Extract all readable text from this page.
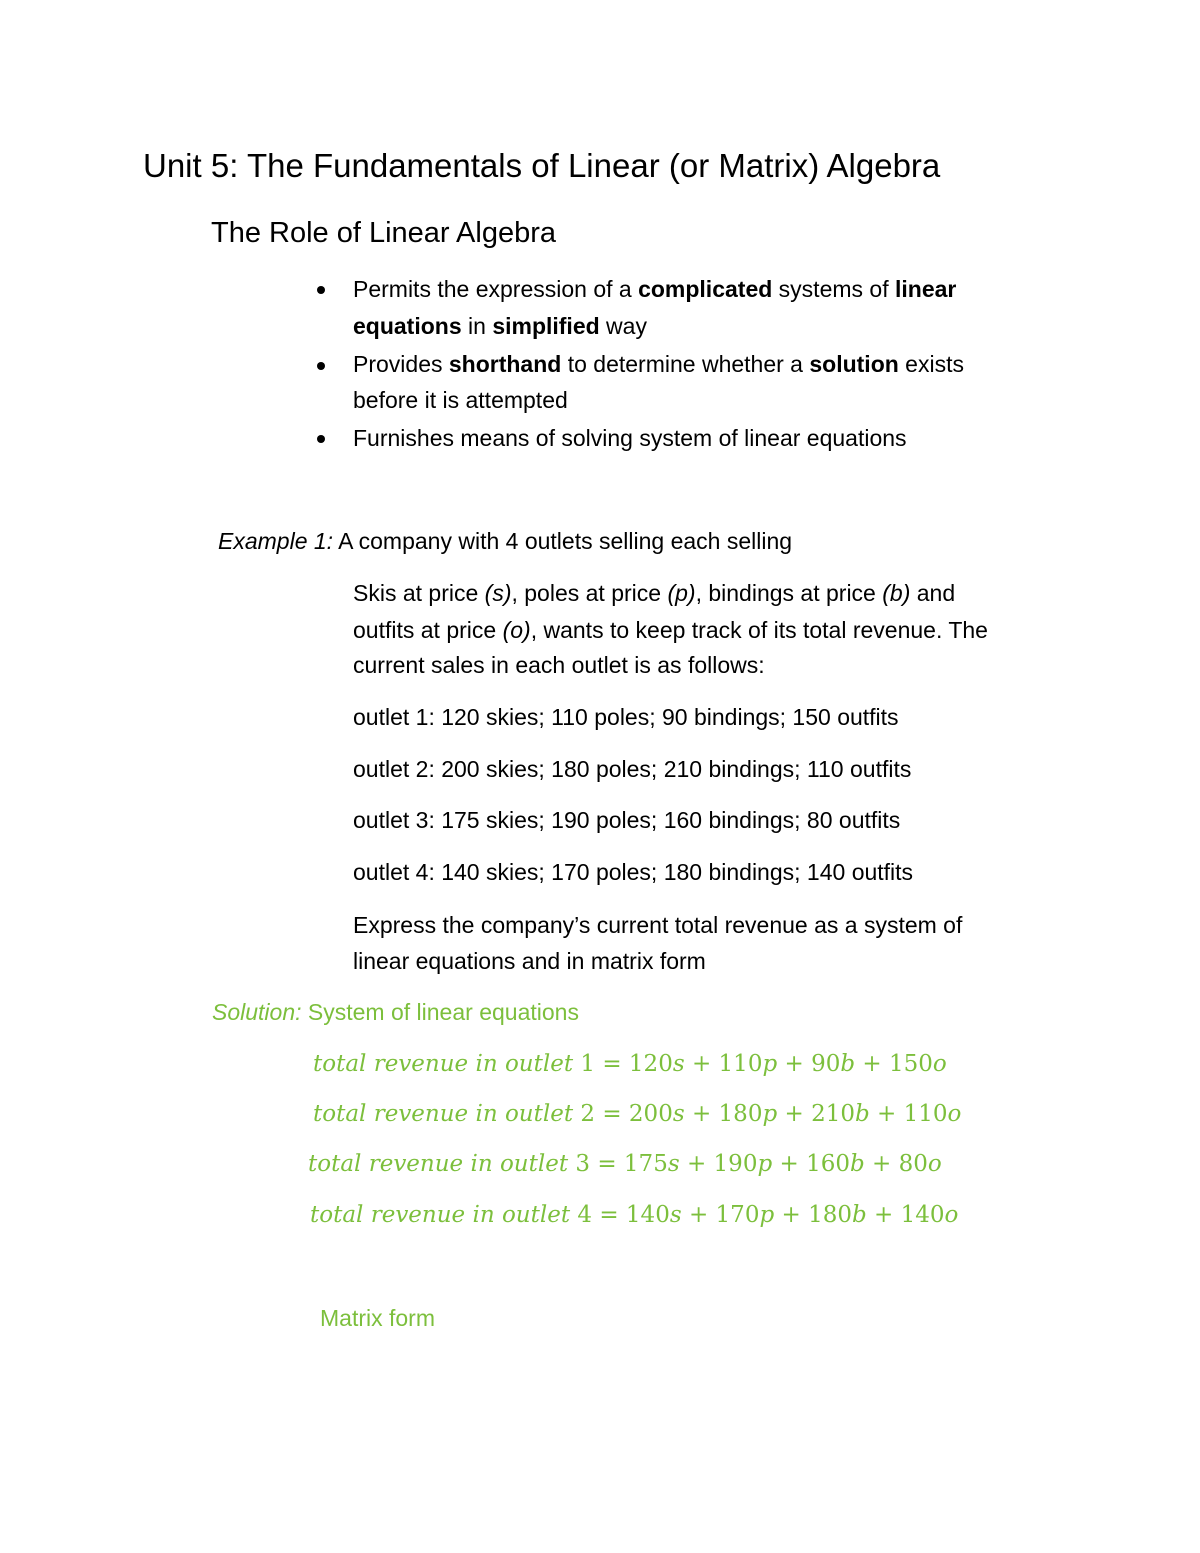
Unit 5: The Fundamentals of Linear (or Matrix) Algebra
The Role of Linear Algebra
Permits the expression of a complicated systems of linear
equations in simplified way
Provides shorthand to determine whether a solution exists
before it is attempted
Furnishes means of solving system of linear equations
Example 1: A company with 4 outlets selling each selling
Skis at price (s), poles at price (p), bindings at price (b) and
outfits at price (o), wants to keep track of its total revenue. The
current sales in each outlet is as follows:
outlet 1: 120 skies; 110 poles; 90 bindings; 150 outfits
outlet 2: 200 skies; 180 poles; 210 bindings; 110 outfits
outlet 3: 175 skies; 190 poles; 160 bindings; 80 outfits
outlet 4: 140 skies; 170 poles; 180 bindings; 140 outfits
Express the company’s current total revenue as a system of
linear equations and in matrix form
Solution: System of linear equations
total revenue in outlet 1 = 120s + 110p + 90b + 150o
total revenue in outlet 2 = 200s + 180p + 210b + 110o
total revenue in outlet 3 = 175s + 190p + 160b + 80o
total revenue in outlet 4 = 140s + 170p + 180b + 140o
Matrix form
